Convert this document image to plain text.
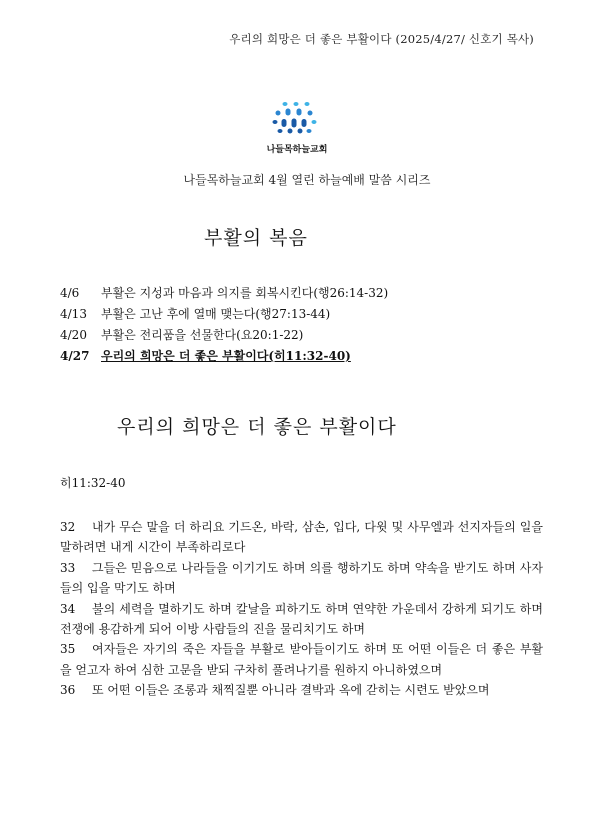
우리의 희망은 더 좋은 부활이다 (2025/4/27/ 신호기 목사)
나들목하늘교회
나들목하늘교회 4월 열린 하늘예배 말씀 시리즈
부활의 복음
4/6 부활은 지성과 마음과 의지를 회복시킨다(행26:14-32)
4/13 부활은 고난 후에 열매 맺는다(행27:13-44)
4/20 부활은 전리품을 선물한다(요20:1-22)
4/27 우리의 희망은 더 좋은 부활이다(히11:32-40)
우리의 희망은 더 좋은 부활이다
히11:32-40

32 내가 무슨 말을 더 하리요 기드온, 바락, 삼손, 입다, 다윗 및 사무엘과 선지자들의 일을 말하려면 내게 시간이 부족하리로다

33 그들은 믿음으로 나라들을 이기기도 하며 의를 행하기도 하며 약속을 받기도 하며 사자들의 입을 막기도 하며

34 불의 세력을 멸하기도 하며 칼날을 피하기도 하며 연약한 가운데서 강하게 되기도 하며 전쟁에 용감하게 되어 이방 사람들의 진을 물리치기도 하며

35 여자들은 자기의 죽은 자들을 부활로 받아들이기도 하며 또 어떤 이들은 더 좋은 부활을 얻고자 하여 심한 고문을 받되 구차히 풀려나기를 원하지 아니하였으며

36 또 어떤 이들은 조롱과 채찍질뿐 아니라 결박과 옥에 갇히는 시련도 받았으며
